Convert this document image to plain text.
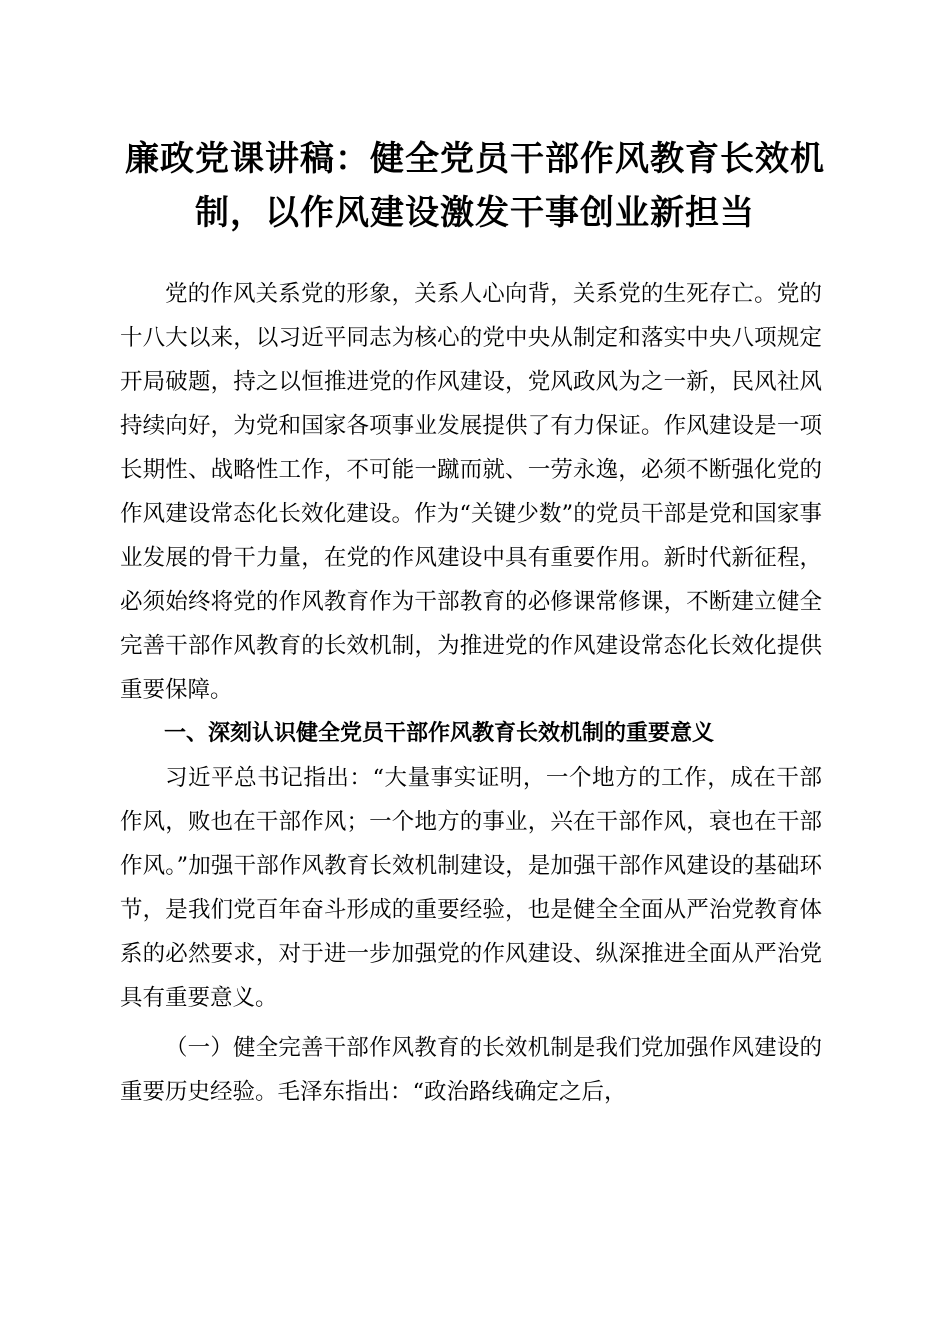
廉政党课讲稿：健全党员干部作风教育长效机制，以作风建设激发干事创业新担当

党的作风关系党的形象，关系人心向背，关系党的生死存亡。党的十八大以来，以习近平同志为核心的党中央从制定和落实中央八项规定开局破题，持之以恒推进党的作风建设，党风政风为之一新，民风社风持续向好，为党和国家各项事业发展提供了有力保证。作风建设是一项长期性、战略性工作，不可能一蹴而就、一劳永逸，必须不断强化党的作风建设常态化长效化建设。作为“关键少数”的党员干部是党和国家事业发展的骨干力量，在党的作风建设中具有重要作用。新时代新征程，必须始终将党的作风教育作为干部教育的必修课常修课，不断建立健全完善干部作风教育的长效机制，为推进党的作风建设常态化长效化提供重要保障。

一、深刻认识健全党员干部作风教育长效机制的重要意义

习近平总书记指出：“大量事实证明，一个地方的工作，成在干部作风，败也在干部作风；一个地方的事业，兴在干部作风，衰也在干部作风。”加强干部作风教育长效机制建设，是加强干部作风建设的基础环节，是我们党百年奋斗形成的重要经验，也是健全全面从严治党教育体系的必然要求，对于进一步加强党的作风建设、纵深推进全面从严治党具有重要意义。

（一）健全完善干部作风教育的长效机制是我们党加强作风建设的重要历史经验。毛泽东指出：“政治路线确定之后，
